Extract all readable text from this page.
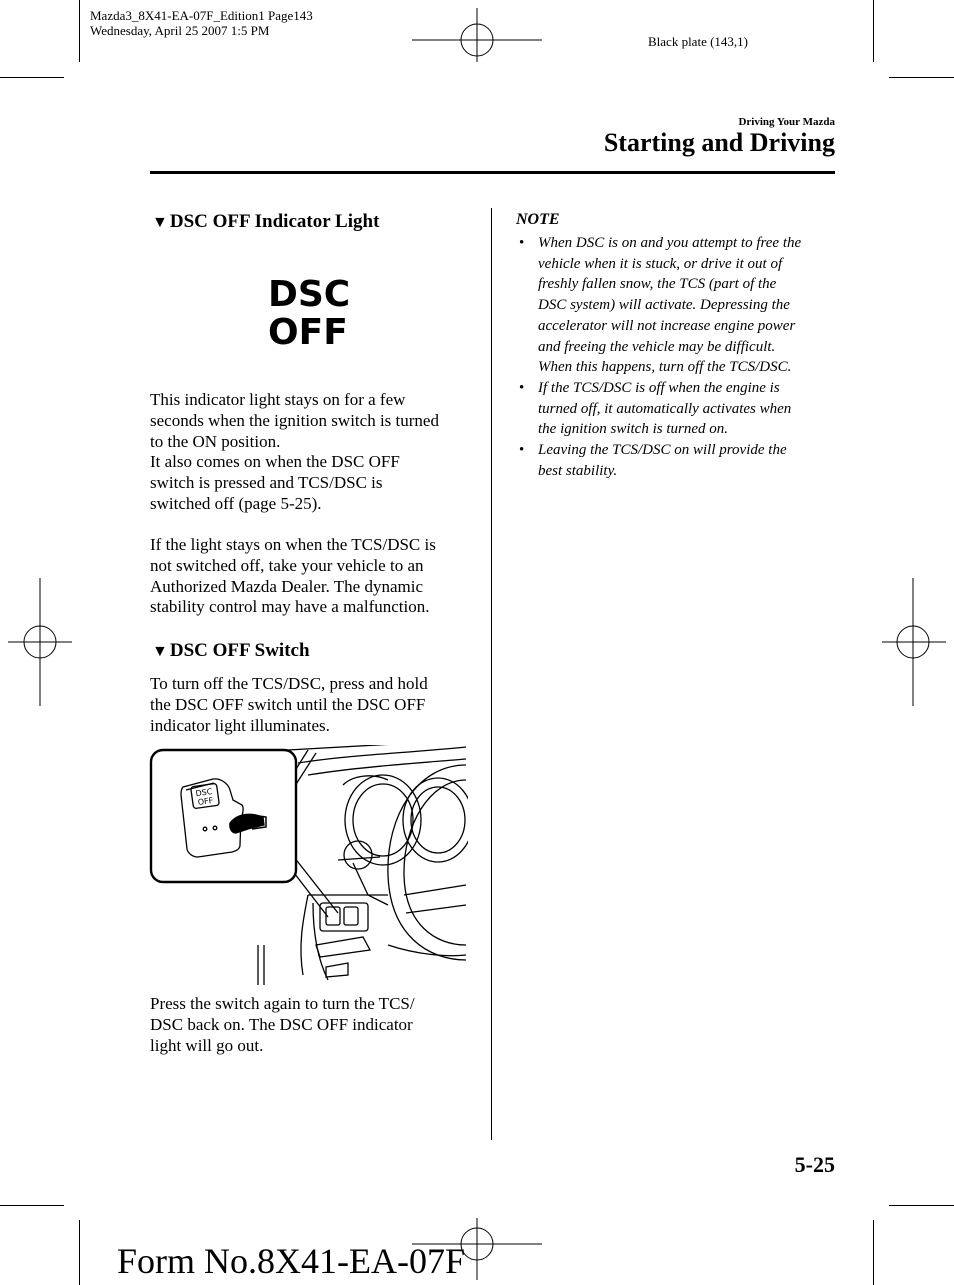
Mazda3_8X41-EA-07F_Edition1 Page143
Wednesday, April 25 2007 1:5 PM
Black plate (143,1)
Driving Your Mazda
Starting and Driving
▼ DSC OFF Indicator Light
DSC
OFF

This indicator light stays on for a few

seconds when the ignition switch is turned

to the ON position.

It also comes on when the DSC OFF

switch is pressed and TCS/DSC is

switched off (page 5-25).

If the light stays on when the TCS/DSC is

not switched off, take your vehicle to an

Authorized Mazda Dealer. The dynamic

stability control may have a malfunction.

▼ DSC OFF Switch

To turn off the TCS/DSC, press and hold

the DSC OFF switch until the DSC OFF

indicator light illuminates.

DSC
OFF

Press the switch again to turn the TCS/

DSC back on. The DSC OFF indicator

light will go out.

NOTE
• When DSC is on and you attempt to free the
vehicle when it is stuck, or drive it out of
freshly fallen snow, the TCS (part of the
DSC system) will activate. Depressing the
accelerator will not increase engine power
and freeing the vehicle may be difficult.
When this happens, turn off the TCS/DSC.
• If the TCS/DSC is off when the engine is
turned off, it automatically activates when
the ignition switch is turned on.
• Leaving the TCS/DSC on will provide the
best stability.
5-25
Form No.8X41-EA-07F
